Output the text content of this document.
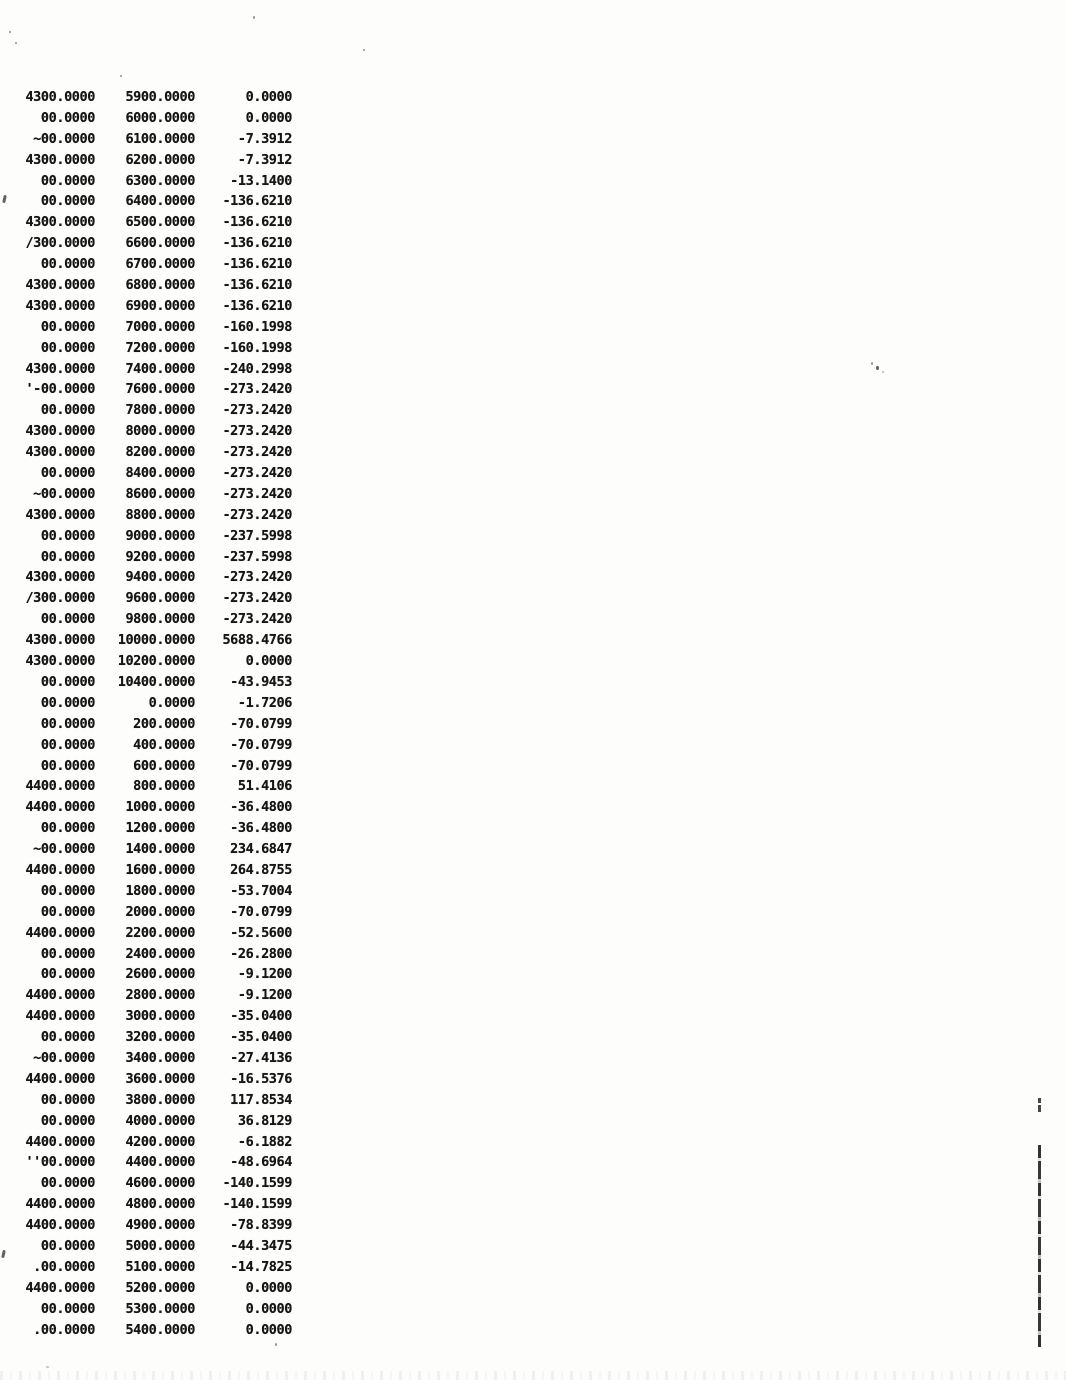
4300.0000	5900.0000	0.0000
00.0000	6000.0000	0.0000
~00.0000	6100.0000	-7.3912
4300.0000	6200.0000	-7.3912
00.0000	6300.0000	-13.1400
00.0000	6400.0000	-136.6210
4300.0000	6500.0000	-136.6210
/300.0000	6600.0000	-136.6210
00.0000	6700.0000	-136.6210
4300.0000	6800.0000	-136.6210
4300.0000	6900.0000	-136.6210
00.0000	7000.0000	-160.1998
00.0000	7200.0000	-160.1998
4300.0000	7400.0000	-240.2998
'-00.0000	7600.0000	-273.2420
00.0000	7800.0000	-273.2420
4300.0000	8000.0000	-273.2420
4300.0000	8200.0000	-273.2420
00.0000	8400.0000	-273.2420
~00.0000	8600.0000	-273.2420
4300.0000	8800.0000	-273.2420
00.0000	9000.0000	-237.5998
00.0000	9200.0000	-237.5998
4300.0000	9400.0000	-273.2420
/300.0000	9600.0000	-273.2420
00.0000	9800.0000	-273.2420
4300.0000	10000.0000	5688.4766
4300.0000	10200.0000	0.0000
00.0000	10400.0000	-43.9453
00.0000	0.0000	-1.7206
00.0000	200.0000	-70.0799
00.0000	400.0000	-70.0799
00.0000	600.0000	-70.0799
4400.0000	800.0000	51.4106
4400.0000	1000.0000	-36.4800
00.0000	1200.0000	-36.4800
~00.0000	1400.0000	234.6847
4400.0000	1600.0000	264.8755
00.0000	1800.0000	-53.7004
00.0000	2000.0000	-70.0799
4400.0000	2200.0000	-52.5600
00.0000	2400.0000	-26.2800
00.0000	2600.0000	-9.1200
4400.0000	2800.0000	-9.1200
4400.0000	3000.0000	-35.0400
00.0000	3200.0000	-35.0400
~00.0000	3400.0000	-27.4136
4400.0000	3600.0000	-16.5376
00.0000	3800.0000	117.8534
00.0000	4000.0000	36.8129
4400.0000	4200.0000	-6.1882
''00.0000	4400.0000	-48.6964
00.0000	4600.0000	-140.1599
4400.0000	4800.0000	-140.1599
4400.0000	4900.0000	-78.8399
00.0000	5000.0000	-44.3475
.00.0000	5100.0000	-14.7825
4400.0000	5200.0000	0.0000
00.0000	5300.0000	0.0000
.00.0000	5400.0000	0.0000
